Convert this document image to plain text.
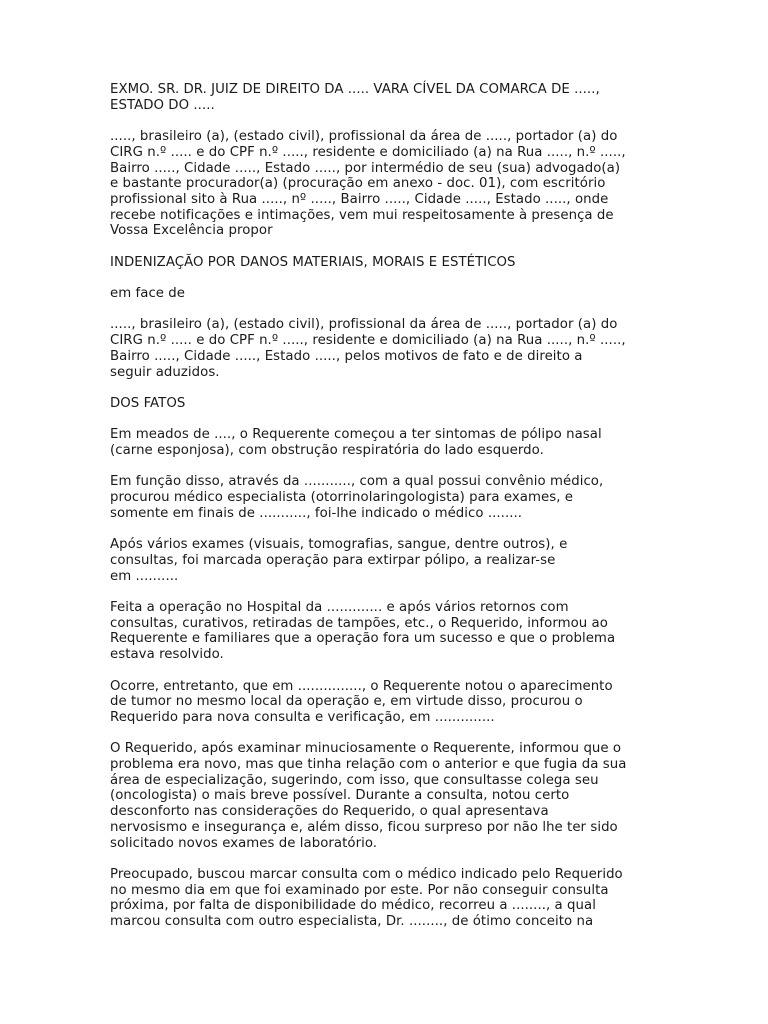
EXMO. SR. DR. JUIZ DE DIREITO DA ..... VARA CÍVEL DA COMARCA DE .....,
ESTADO DO .....
....., brasileiro (a), (estado civil), profissional da área de ....., portador (a) do
CIRG n.º ..... e do CPF n.º ....., residente e domiciliado (a) na Rua ....., n.º .....,
Bairro ....., Cidade ....., Estado ....., por intermédio de seu (sua) advogado(a)
e bastante procurador(a) (procuração em anexo - doc. 01), com escritório
profissional sito à Rua ....., nº ....., Bairro ....., Cidade ....., Estado ....., onde
recebe notificações e intimações, vem mui respeitosamente à presença de
Vossa Excelência propor
INDENIZAÇÃO POR DANOS MATERIAIS, MORAIS E ESTÉTICOS
em face de
....., brasileiro (a), (estado civil), profissional da área de ....., portador (a) do
CIRG n.º ..... e do CPF n.º ....., residente e domiciliado (a) na Rua ....., n.º .....,
Bairro ....., Cidade ....., Estado ....., pelos motivos de fato e de direito a
seguir aduzidos.
DOS FATOS
Em meados de ...., o Requerente começou a ter sintomas de pólipo nasal
(carne esponjosa), com obstrução respiratória do lado esquerdo.
Em função disso, através da ..........., com a qual possui convênio médico,
procurou médico especialista (otorrinolaringologista) para exames, e
somente em finais de ..........., foi-lhe indicado o médico ........
Após vários exames (visuais, tomografias, sangue, dentre outros), e
consultas, foi marcada operação para extirpar pólipo, a realizar-se
em ..........
Feita a operação no Hospital da ............. e após vários retornos com
consultas, curativos, retiradas de tampões, etc., o Requerido, informou ao
Requerente e familiares que a operação fora um sucesso e que o problema
estava resolvido.
Ocorre, entretanto, que em ..............., o Requerente notou o aparecimento
de tumor no mesmo local da operação e, em virtude disso, procurou o
Requerido para nova consulta e verificação, em ..............
O Requerido, após examinar minuciosamente o Requerente, informou que o
problema era novo, mas que tinha relação com o anterior e que fugia da sua
área de especialização, sugerindo, com isso, que consultasse colega seu
(oncologista) o mais breve possível. Durante a consulta, notou certo
desconforto nas considerações do Requerido, o qual apresentava
nervosismo e insegurança e, além disso, ficou surpreso por não lhe ter sido
solicitado novos exames de laboratório.
Preocupado, buscou marcar consulta com o médico indicado pelo Requerido
no mesmo dia em que foi examinado por este. Por não conseguir consulta
próxima, por falta de disponibilidade do médico, recorreu a ........, a qual
marcou consulta com outro especialista, Dr. ........, de ótimo conceito na
